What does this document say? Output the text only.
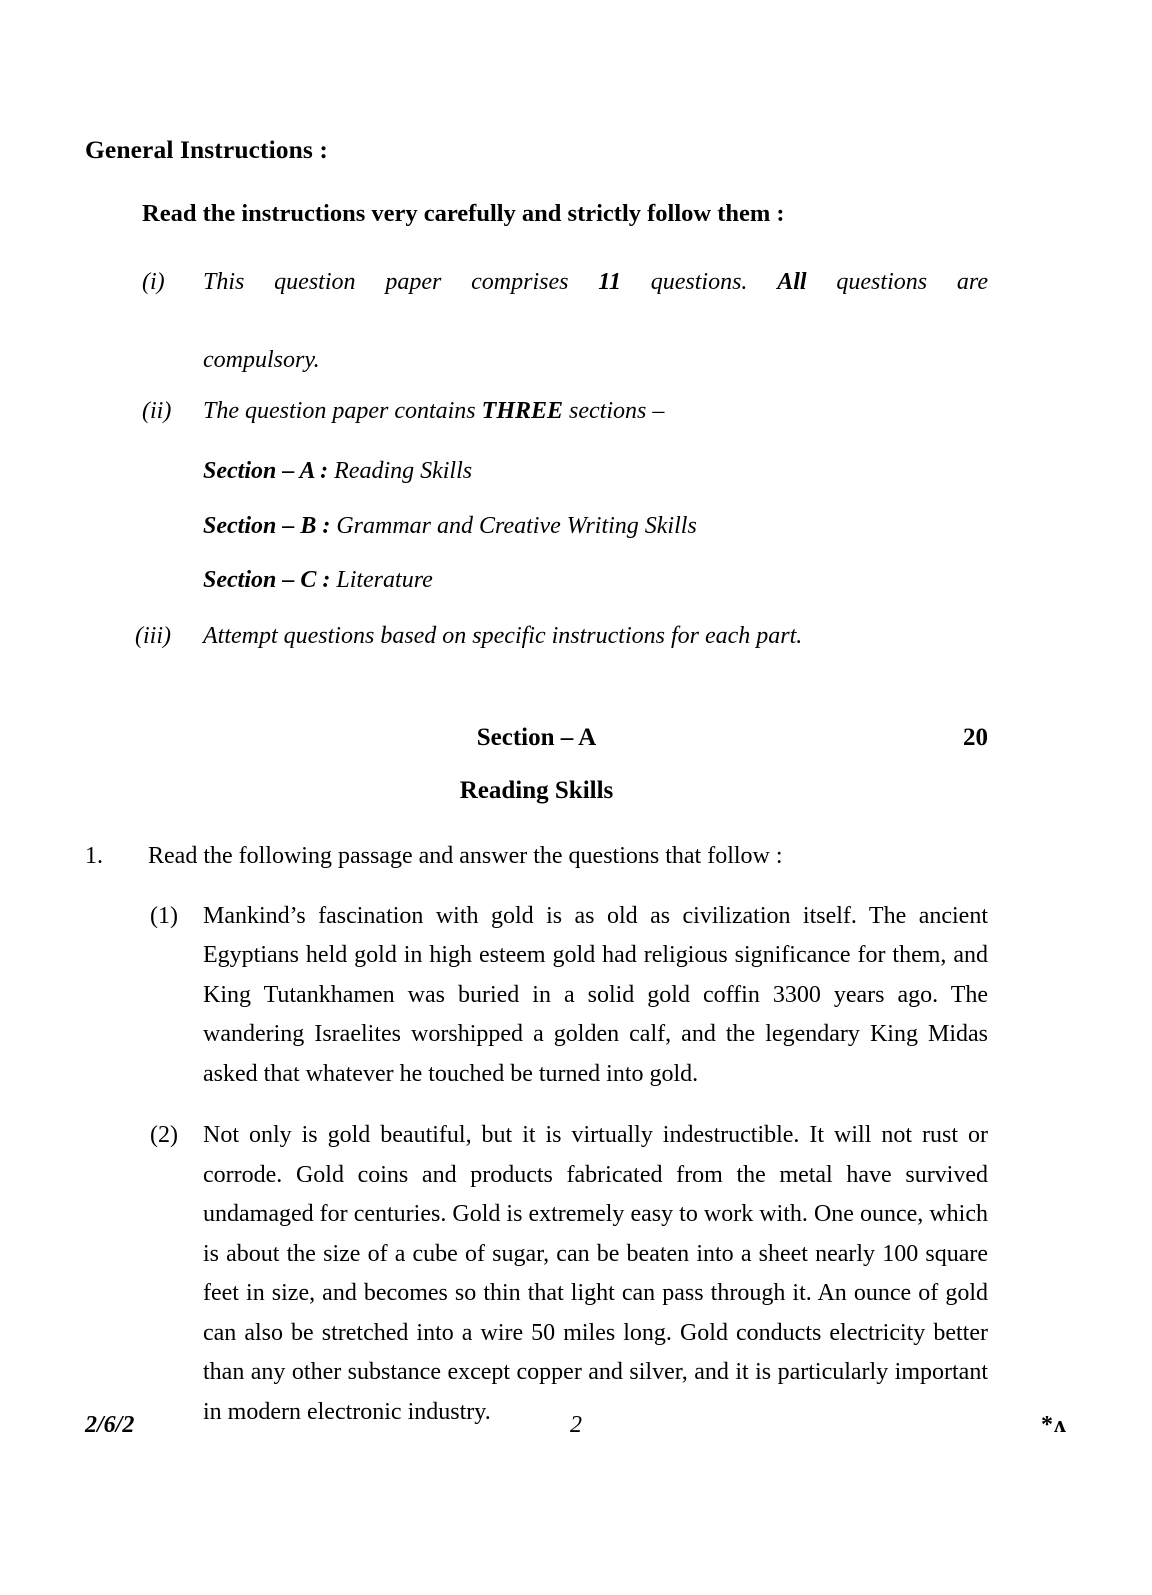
General Instructions :
Read the instructions very carefully and strictly follow them :
(i) This question paper comprises 11 questions. All questions are
compulsory.
(ii) The question paper contains THREE sections –
Section – A : Reading Skills
Section – B : Grammar and Creative Writing Skills
Section – C : Literature
(iii) Attempt questions based on specific instructions for each part.
Section – A	20
Reading Skills
1. Read the following passage and answer the questions that follow :
(1) Mankind’s fascination with gold is as old as civilization itself. The ancient Egyptians held gold in high esteem gold had religious significance for them, and King Tutankhamen was buried in a solid gold coffin 3300 years ago. The wandering Israelites worshipped a golden calf, and the legendary King Midas asked that whatever he touched be turned into gold.
(2) Not only is gold beautiful, but it is virtually indestructible. It will not rust or corrode. Gold coins and products fabricated from the metal have survived undamaged for centuries. Gold is extremely easy to work with. One ounce, which is about the size of a cube of sugar, can be beaten into a sheet nearly 100 square feet in size, and becomes so thin that light can pass through it. An ounce of gold can also be stretched into a wire 50 miles long. Gold conducts electricity better than any other substance except copper and silver, and it is particularly important in modern electronic industry.
2/6/2	2	*ʌ
